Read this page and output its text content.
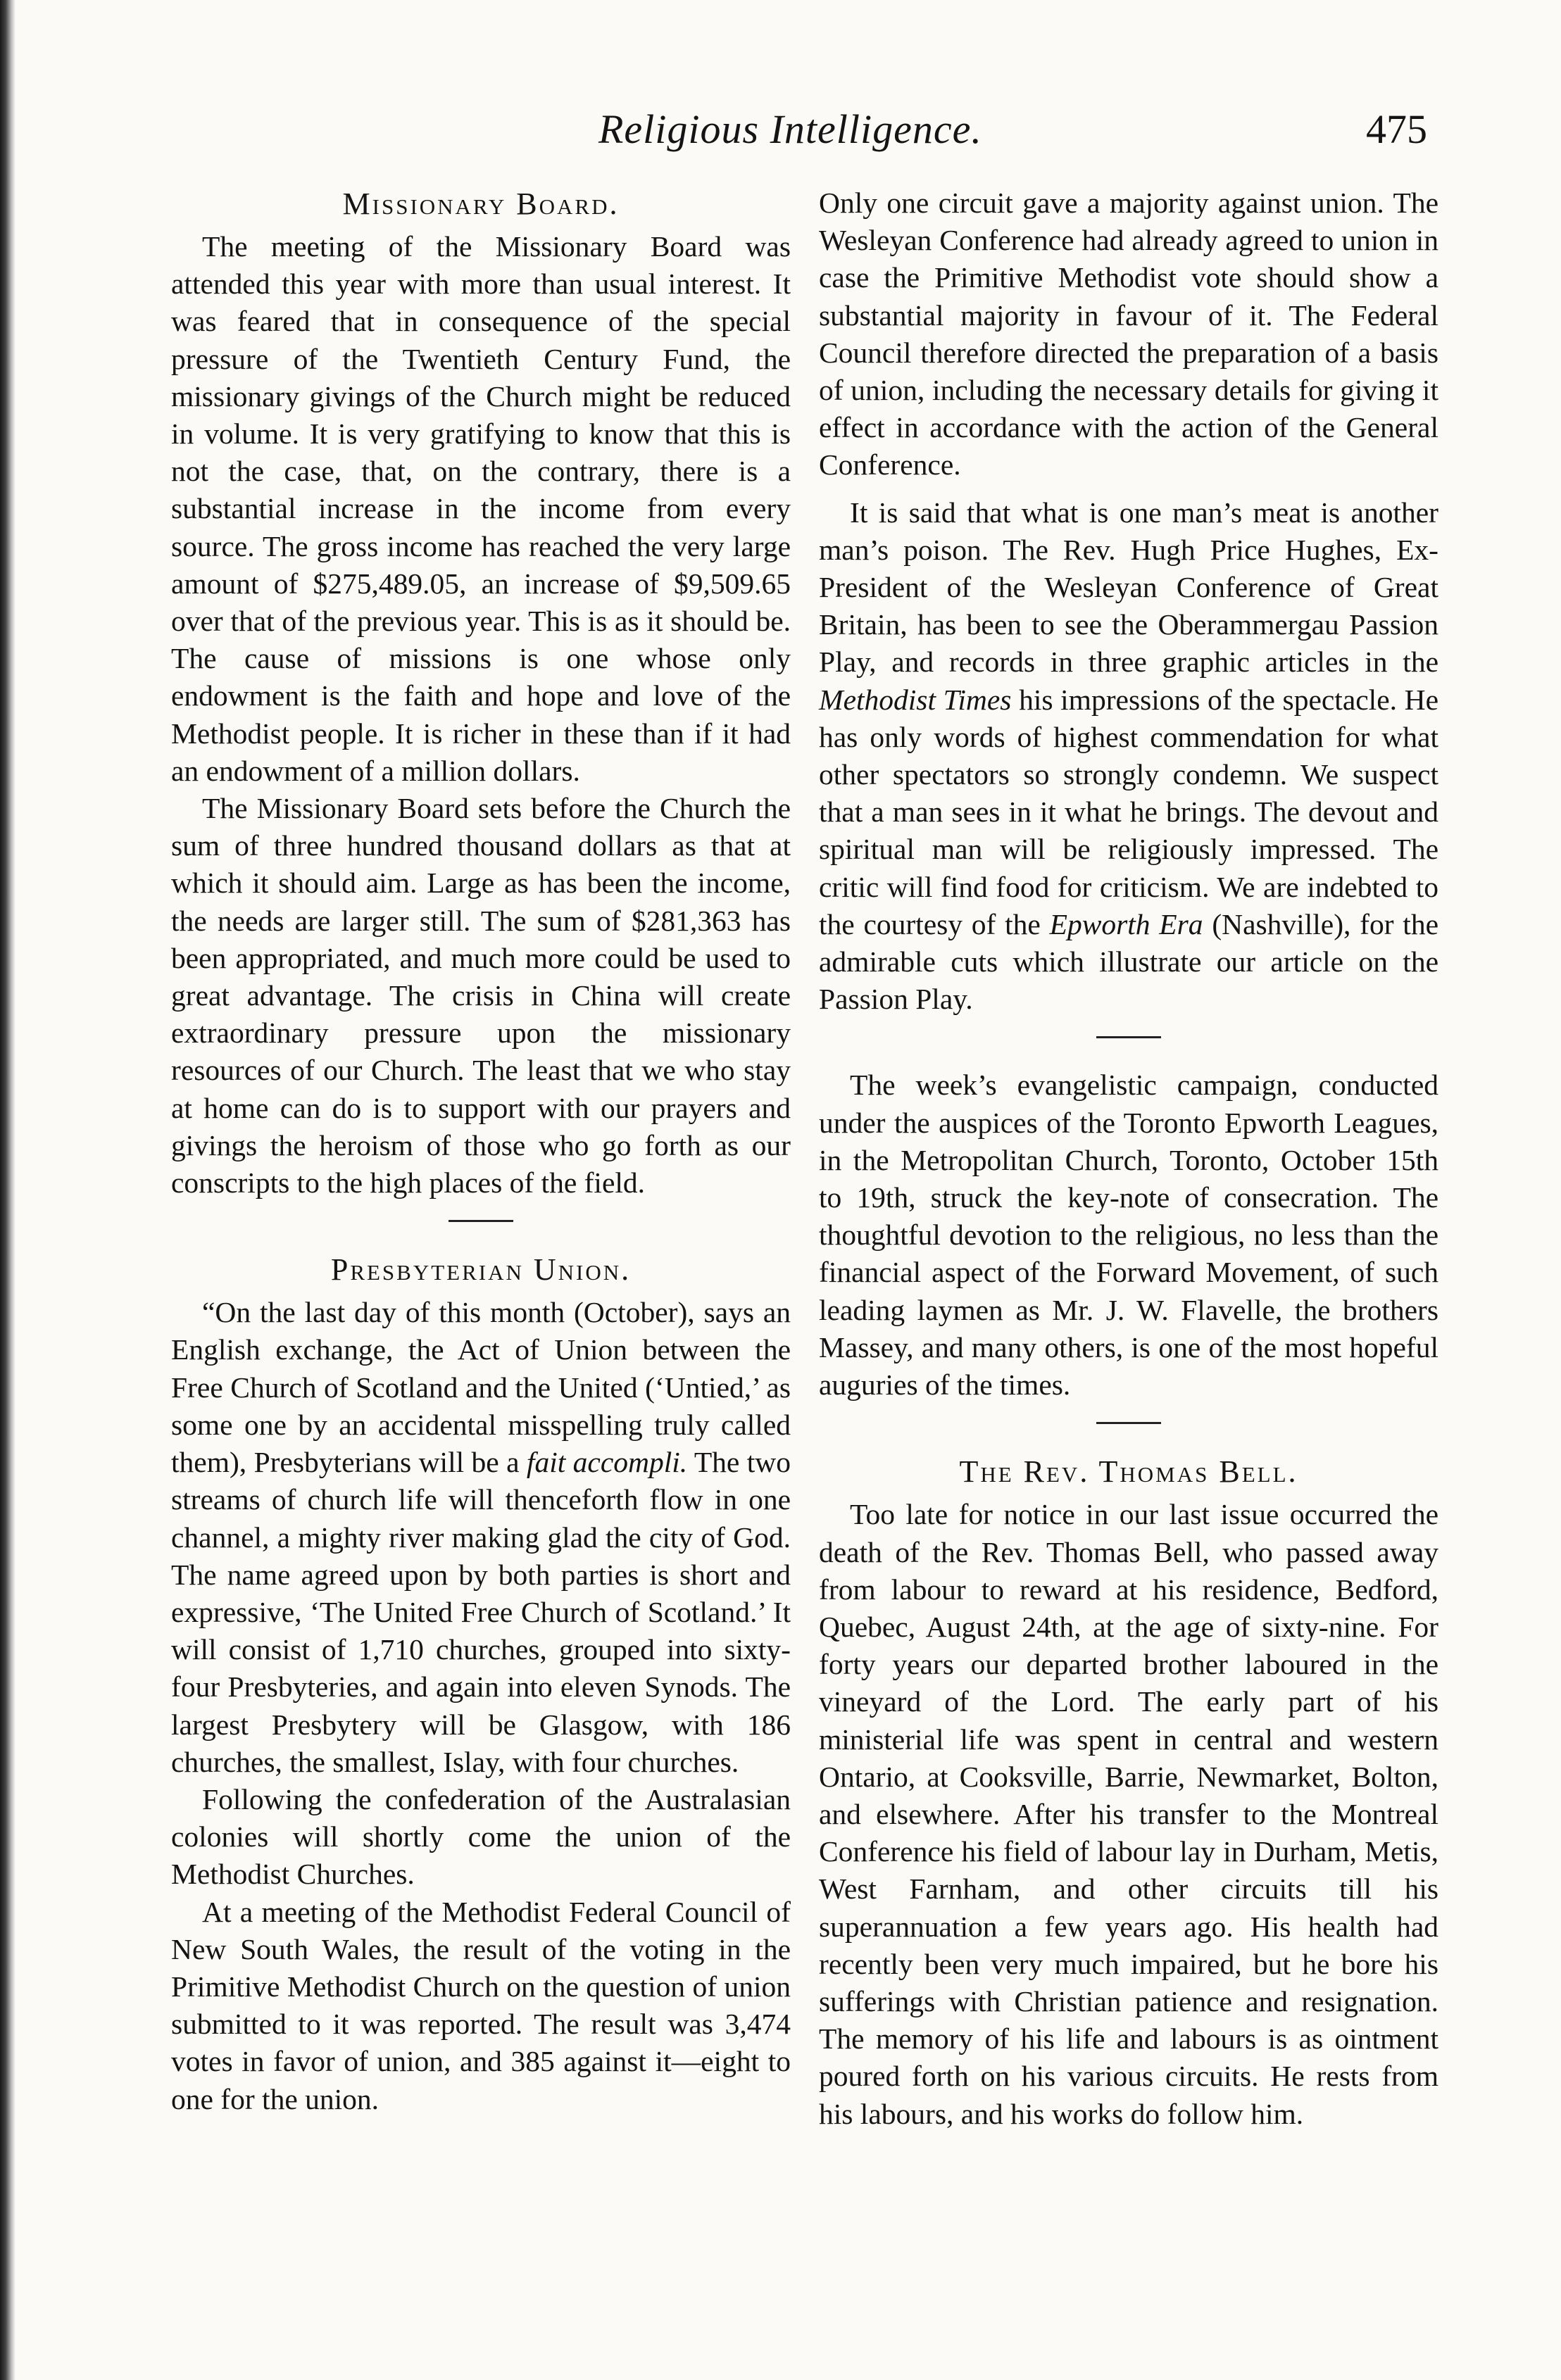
Religious Intelligence.	475
Missionary Board.

The meeting of the Missionary Board was attended this year with more than usual interest. It was feared that in consequence of the special pressure of the Twentieth Century Fund, the missionary givings of the Church might be reduced in volume. It is very gratifying to know that this is not the case, that, on the contrary, there is a substantial increase in the income from every source. The gross income has reached the very large amount of $275,489.05, an increase of $9,509.65 over that of the previous year. This is as it should be. The cause of missions is one whose only endowment is the faith and hope and love of the Methodist people. It is richer in these than if it had an endowment of a million dollars.

The Missionary Board sets before the Church the sum of three hundred thousand dollars as that at which it should aim. Large as has been the income, the needs are larger still. The sum of $281,363 has been appropriated, and much more could be used to great advantage. The crisis in China will create extraordinary pressure upon the missionary resources of our Church. The least that we who stay at home can do is to support with our prayers and givings the heroism of those who go forth as our conscripts to the high places of the field.

Presbyterian Union.

“On the last day of this month (October), says an English exchange, the Act of Union between the Free Church of Scotland and the United (‘Untied,’ as some one by an accidental misspelling truly called them), Presbyterians will be a fait accompli. The two streams of church life will thenceforth flow in one channel, a mighty river making glad the city of God. The name agreed upon by both parties is short and expressive, ‘The United Free Church of Scotland.’ It will consist of 1,710 churches, grouped into sixty-four Presbyteries, and again into eleven Synods. The largest Presbytery will be Glasgow, with 186 churches, the smallest, Islay, with four churches.

Following the confederation of the Australasian colonies will shortly come the union of the Methodist Churches.

At a meeting of the Methodist Federal Council of New South Wales, the result of the voting in the Primitive Methodist Church on the question of union submitted to it was reported. The result was 3,474 votes in favor of union, and 385 against it—eight to one for the union.

Only one circuit gave a majority against union. The Wesleyan Conference had already agreed to union in case the Primitive Methodist vote should show a substantial majority in favour of it. The Federal Council therefore directed the preparation of a basis of union, including the necessary details for giving it effect in accordance with the action of the General Conference.

It is said that what is one man’s meat is another man’s poison. The Rev. Hugh Price Hughes, Ex-President of the Wesleyan Conference of Great Britain, has been to see the Oberammergau Passion Play, and records in three graphic articles in the Methodist Times his impressions of the spectacle. He has only words of highest commendation for what other spectators so strongly condemn. We suspect that a man sees in it what he brings. The devout and spiritual man will be religiously impressed. The critic will find food for criticism. We are indebted to the courtesy of the Epworth Era (Nashville), for the admirable cuts which illustrate our article on the Passion Play.

The week’s evangelistic campaign, conducted under the auspices of the Toronto Epworth Leagues, in the Metropolitan Church, Toronto, October 15th to 19th, struck the key-note of consecration. The thoughtful devotion to the religious, no less than the financial aspect of the Forward Movement, of such leading laymen as Mr. J. W. Flavelle, the brothers Massey, and many others, is one of the most hopeful auguries of the times.

The Rev. Thomas Bell.

Too late for notice in our last issue occurred the death of the Rev. Thomas Bell, who passed away from labour to reward at his residence, Bedford, Quebec, August 24th, at the age of sixty-nine. For forty years our departed brother laboured in the vineyard of the Lord. The early part of his ministerial life was spent in central and western Ontario, at Cooksville, Barrie, Newmarket, Bolton, and elsewhere. After his transfer to the Montreal Conference his field of labour lay in Durham, Metis, West Farnham, and other circuits till his superannuation a few years ago. His health had recently been very much impaired, but he bore his sufferings with Christian patience and resignation. The memory of his life and labours is as ointment poured forth on his various circuits. He rests from his labours, and his works do follow him.
